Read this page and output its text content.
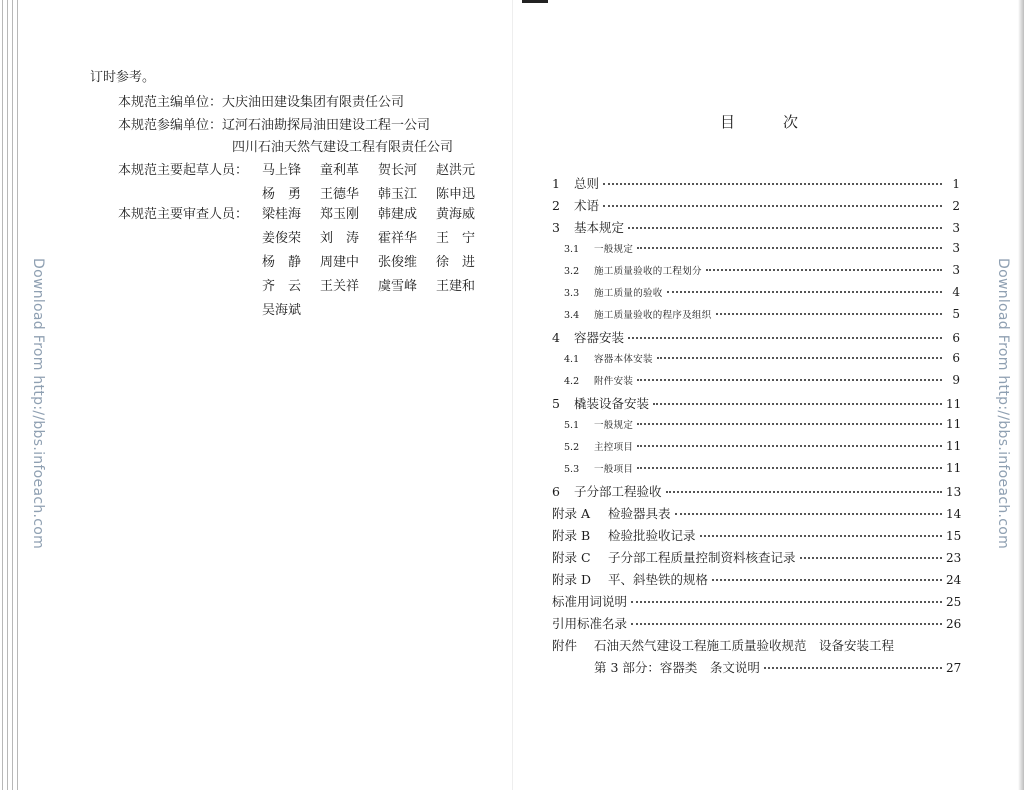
Download From http://bbs.infoeach.com	Download From http://bbs.infoeach.com
订时参考。
本规范主编单位： 大庆油田建设集团有限责任公司
本规范参编单位： 辽河石油勘探局油田建设工程一公司
四川石油天然气建设工程有限责任公司
本规范主要起草人员： 马上锋	童利革	贺长河	赵洪元
杨　勇	王德华	韩玉江	陈申迅
本规范主要审查人员： 梁桂海	郑玉刚	韩建成	黄海威
姜俊荣	刘　涛	霍祥华	王　宁
杨　静	周建中	张俊维	徐　进
齐　云	王关祥	虞雪峰	王建和
吴海斌
目次
1	总则	1
2	术语	2
3	基本规定	3
3.1	一般规定	3
3.2	施工质量验收的工程划分	3
3.3	施工质量的验收	4
3.4	施工质量验收的程序及组织	5
4	容器安装	6
4.1	容器本体安装	6
4.2	附件安装	9
5	橇装设备安装	11
5.1	一般规定	11
5.2	主控项目	11
5.3	一般项目	11
6	子分部工程验收	13
附录 A	检验器具表	14
附录 B	检验批验收记录	15
附录 C	子分部工程质量控制资料核查记录	23
附录 D	平、斜垫铁的规格	24
标准用词说明	25
引用标准名录	26
附件	石油天然气建设工程施工质量验收规范　设备安装工程
第 3 部分：容器类　条文说明	27
